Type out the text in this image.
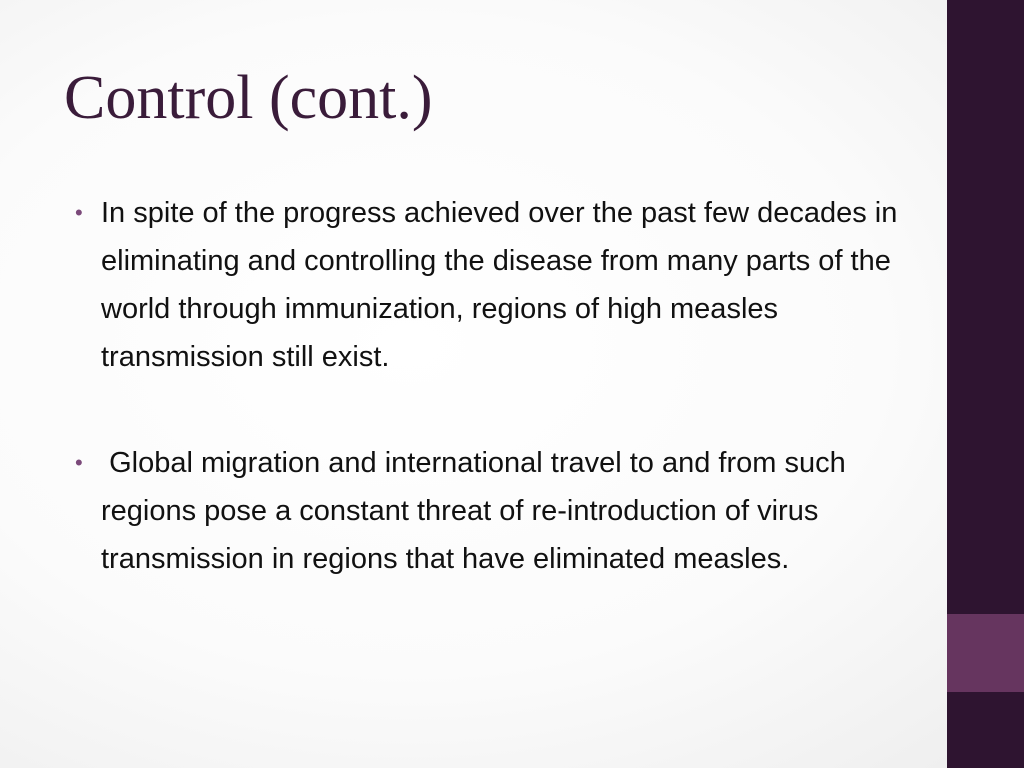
Control (cont.)
• In spite of the progress achieved over the past few decades in eliminating and controlling the disease from many parts of the world through immunization, regions of high measles transmission still exist.
• Global migration and international travel to and from such regions pose a constant threat of re-introduction of virus transmission in regions that have eliminated measles.
